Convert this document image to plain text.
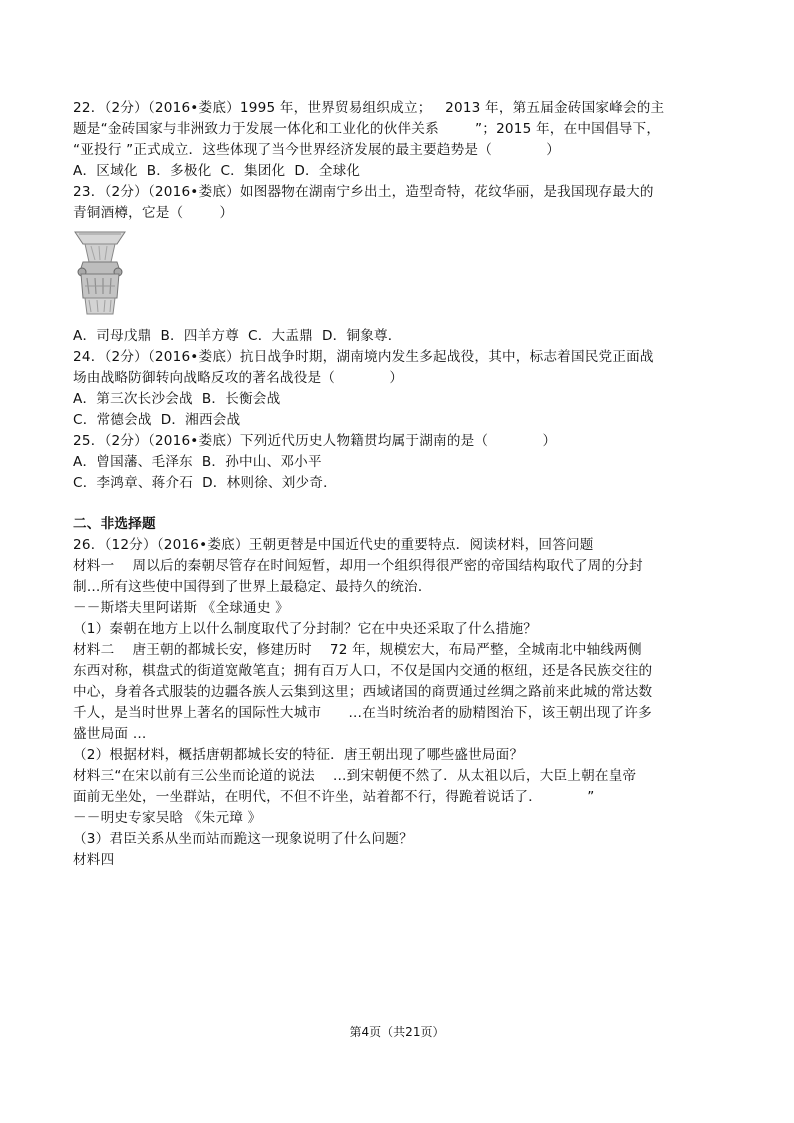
22．（2分）（2016•娄底）1995 年，世界贸易组织成立；   2013 年，第五届金砖国家峰会的主
题是“金砖国家与非洲致力于发展一体化和工业化的伙伴关系        ”；2015 年，在中国倡导下，
“亚投行 ”正式成立．这些体现了当今世界经济发展的最主要趋势是（            ）
A．区域化  B．多极化  C．集团化  D．全球化
23．（2分）（2016•娄底）如图器物在湖南宁乡出土，造型奇特，花纹华丽，是我国现存最大的
青铜酒樽，它是（        ）
A．司母戊鼎  B．四羊方尊  C．大盂鼎  D．铜象尊．
24．（2分）（2016•娄底）抗日战争时期，湖南境内发生多起战役，其中，标志着国民党正面战
场由战略防御转向战略反攻的著名战役是（            ）
A．第三次长沙会战  B．长衡会战
C．常德会战  D．湘西会战
25．（2分）（2016•娄底）下列近代历史人物籍贯均属于湖南的是（            ）
A．曾国藩、毛泽东  B．孙中山、邓小平
C．李鸿章、蒋介石  D．林则徐、刘少奇．
二、非选择题
26．（12分）（2016•娄底）王朝更替是中国近代史的重要特点．阅读材料，回答问题
材料一    周以后的秦朝尽管存在时间短暂，却用一个组织得很严密的帝国结构取代了周的分封
制…所有这些使中国得到了世界上最稳定、最持久的统治．
－－斯塔夫里阿诺斯 《全球通史 》
（1）秦朝在地方上以什么制度取代了分封制？它在中央还采取了什么措施？
材料二    唐王朝的都城长安，修建历时    72 年，规模宏大，布局严整，全城南北中轴线两侧
东西对称，棋盘式的街道宽敞笔直；拥有百万人口，不仅是国内交通的枢纽，还是各民族交往的
中心，身着各式服装的边疆各族人云集到这里；西域诸国的商贾通过丝绸之路前来此城的常达数
千人，是当时世界上著名的国际性大城市      …在当时统治者的励精图治下，该王朝出现了许多
盛世局面 …
（2）根据材料，概括唐朝都城长安的特征．唐王朝出现了哪些盛世局面？
材料三“在宋以前有三公坐而论道的说法    …到宋朝便不然了．从太祖以后，大臣上朝在皇帝
面前无坐处，一坐群站，在明代，不但不许坐，站着都不行，得跪着说话了．          ”
－－明史专家吴晗 《朱元璋 》
（3）君臣关系从坐而站而跪这一现象说明了什么问题？
材料四
第4页（共21页）
